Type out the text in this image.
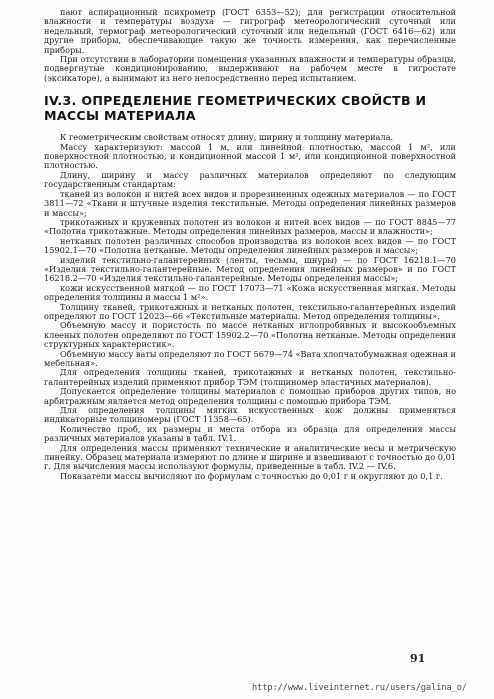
пают аспирационный психрометр (ГОСТ 6353—52); для регистрации относительной влажности и температуры воздуха — гигрограф метеорологический суточный или недельный, термограф метеорологический суточный или недельный (ГОСТ 6416—62) или другие приборы, обеспечивающие такую же точность измерения, как перечисленные приборы.

При отсутствии в лаборатории помещения указанных влажности и температуры образцы, подвергнутые кондиционированию, выдерживают на рабочем месте в гигростате (эксикаторе), а вынимают из него непосредственно перед испытанием.

IV.3. ОПРЕДЕЛЕНИЕ ГЕОМЕТРИЧЕСКИХ СВОЙСТВ И МАССЫ МАТЕРИАЛА

К геометрическим свойствам относят длину, ширину и толщину материала.

Массу характеризуют: массой 1 м, или линейной плотностью, массой 1 м², или поверхностной плотностью, и кондиционной массой 1 м², или кондиционной поверхностной плотностью.

Длину, ширину и массу различных материалов определяют по следующим государственным стандартам:

тканей из волокон и нитей всех видов и прорезиненных одежных материалов — по ГОСТ 3811—72 «Ткани и штучные изделия текстильные. Методы определения линейных размеров и массы»;

трикотажных и кружевных полотен из волокон и нитей всех видов — по ГОСТ 8845—77 «Полотна трикотажные. Методы определения линейных размеров, массы и влажности»;

нетканых полотен различных способов производства из волокон всех видов — по ГОСТ 15902.1—70 «Полотна нетканые. Методы определения линейных размеров и массы»;

изделий текстильно-галантерейных (ленты, тесьмы, шнуры) — по ГОСТ 16218.1—70 «Изделия текстильно-галантерейные. Метод определения линейных размеров» и по ГОСТ 16218.2—70 «Изделия текстильно-галантерейные. Методы определения массы»;

кожи искусственной мягкой — по ГОСТ 17073—71 «Кожа искусственная мягкая. Методы определения толщины и массы 1 м²».

Толщину тканей, трикотажных и нетканых полотен, текстильно-галантерейных изделий определяют по ГОСТ 12023—66 «Текстильные материалы. Метод определения толщины».

Объемную массу и пористость по массе нетканых иглопробивных и высокообъемных клееных полотен определяют по ГОСТ 15902.2—70 «Полотна нетканые. Методы определения структурных характеристик».

Объемную массу ваты определяют по ГОСТ 5679—74 «Вата хлопчатобумажная одежная и мебельная».

Для определения толщины тканей, трикотажных и нетканых полотен, текстильно-галантерейных изделий применяют прибор ТЭМ (толщиномер эластичных материалов).

Допускается определение толщины материалов с помощью приборов других типов, но арбитражным является метод определения толщины с помощью прибора ТЭМ.

Для определения толщины мягких искусственных кож должны применяться индикаторные толщиномеры (ГОСТ 11358—65).

Количество проб, их размеры и места отбора из образца для определения массы различных материалов указаны в табл. IV.1.

Для определения массы применяют технические и аналитические весы и метрическую линейку. Образец материала измеряют по длине и ширине и взвешивают с точностью до 0,01 г. Для вычисления массы используют формулы, приведенные в табл. IV.2 — IV.6.

Показатели массы вычисляют по формулам с точностью до 0,01 г и округляют до 0,1 г.

91
http://www.liveinternet.ru/users/galina_o/
